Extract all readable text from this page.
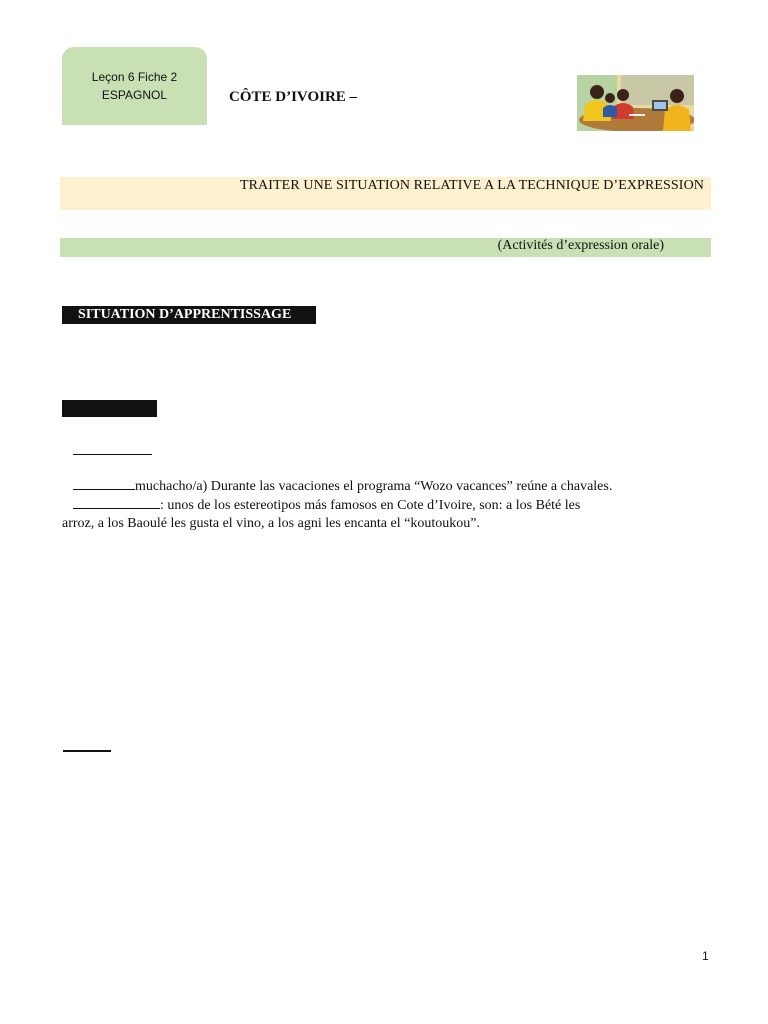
Leçon 6 Fiche 2
ESPAGNOL	CÔTE D’IVOIRE –
TRAITER UNE SITUATION RELATIVE A LA TECHNIQUE D’EXPRESSION
(Activités d’expression orale)
SITUATION D’APPRENTISSAGE
muchacho/a) Durante las vacaciones el programa “Wozo vacances” reúne a chavales.
: unos de los estereotipos más famosos en Cote d’Ivoire, son: a los Bété les
arroz, a los Baoulé les gusta el vino, a los agni les encanta el “koutoukou”.
1
